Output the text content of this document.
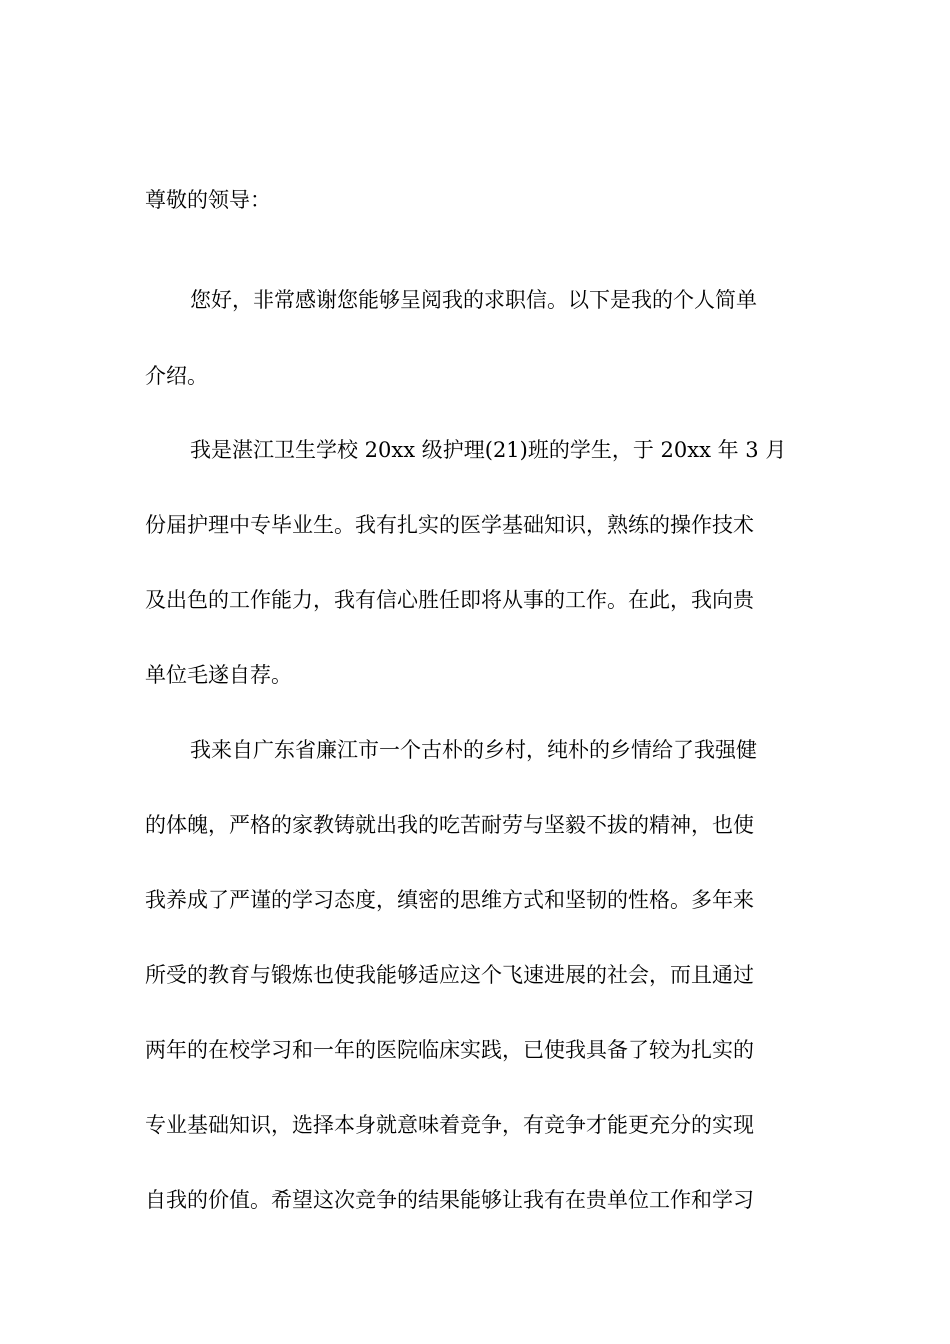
尊敬的领导：
您好，非常感谢您能够呈阅我的求职信。以下是我的个人简单
介绍。
我是湛江卫生学校 20xx 级护理(21)班的学生，于 20xx 年 3 月
份届护理中专毕业生。我有扎实的医学基础知识，熟练的操作技术
及出色的工作能力，我有信心胜任即将从事的工作。在此，我向贵
单位毛遂自荐。
我来自广东省廉江市一个古朴的乡村，纯朴的乡情给了我强健
的体魄，严格的家教铸就出我的吃苦耐劳与坚毅不拔的精神，也使
我养成了严谨的学习态度，缜密的思维方式和坚韧的性格。多年来
所受的教育与锻炼也使我能够适应这个飞速进展的社会，而且通过
两年的在校学习和一年的医院临床实践，已使我具备了较为扎实的
专业基础知识，选择本身就意味着竞争，有竞争才能更充分的实现
自我的价值。希望这次竞争的结果能够让我有在贵单位工作和学习
